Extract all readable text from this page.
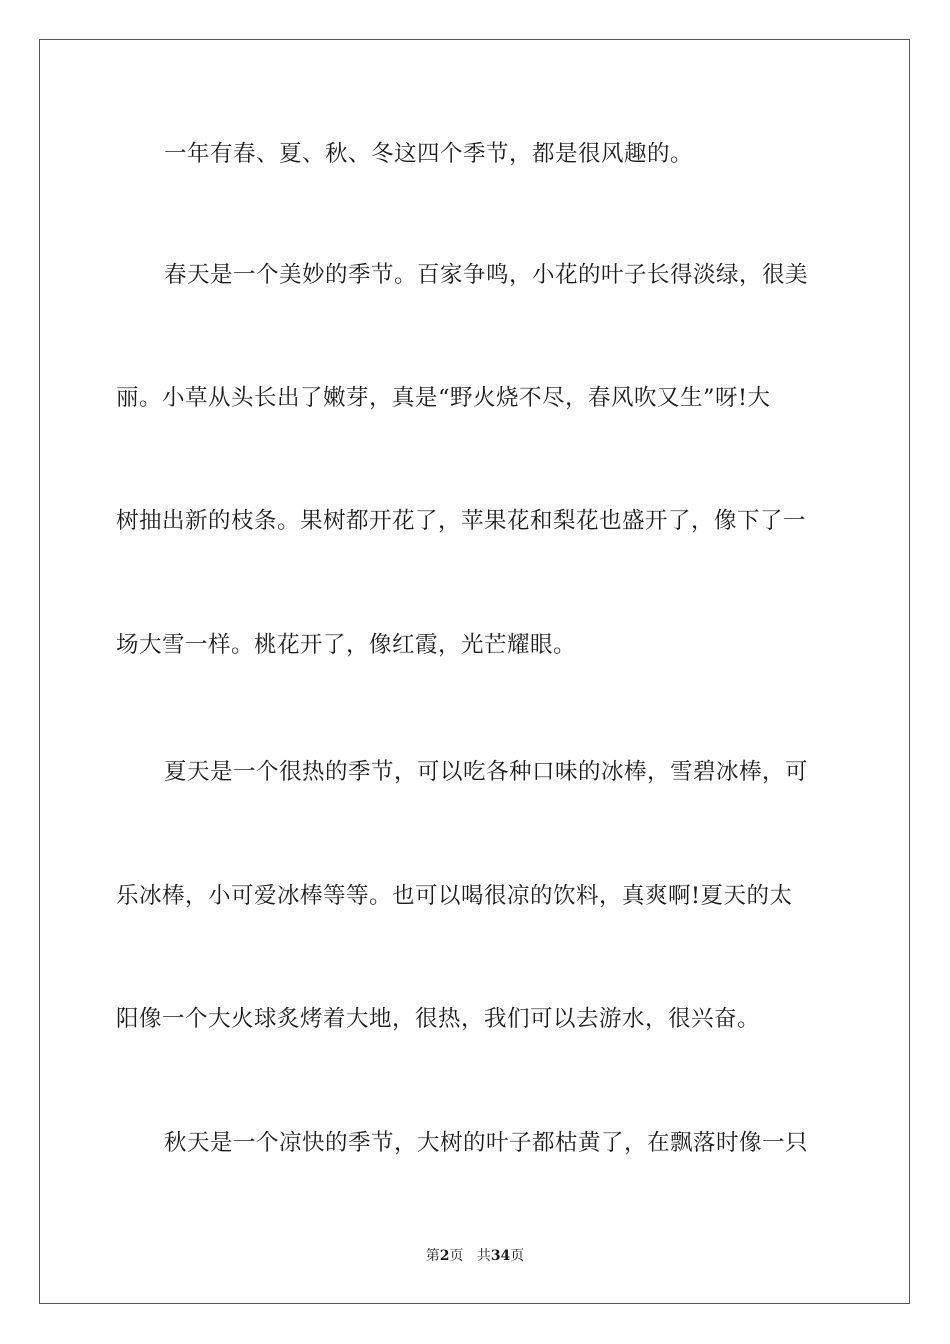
一年有春、夏、秋、冬这四个季节，都是很风趣的。
春天是一个美妙的季节。百家争鸣，小花的叶子长得淡绿，很美
丽。小草从头长出了嫩芽，真是“野火烧不尽，春风吹又生”呀!大
树抽出新的枝条。果树都开花了，苹果花和梨花也盛开了，像下了一
场大雪一样。桃花开了，像红霞，光芒耀眼。
夏天是一个很热的季节，可以吃各种口味的冰棒，雪碧冰棒，可
乐冰棒，小可爱冰棒等等。也可以喝很凉的饮料，真爽啊!夏天的太
阳像一个大火球炙烤着大地，很热，我们可以去游水，很兴奋。
秋天是一个凉快的季节，大树的叶子都枯黄了，在飘落时像一只
第2页 共34页
